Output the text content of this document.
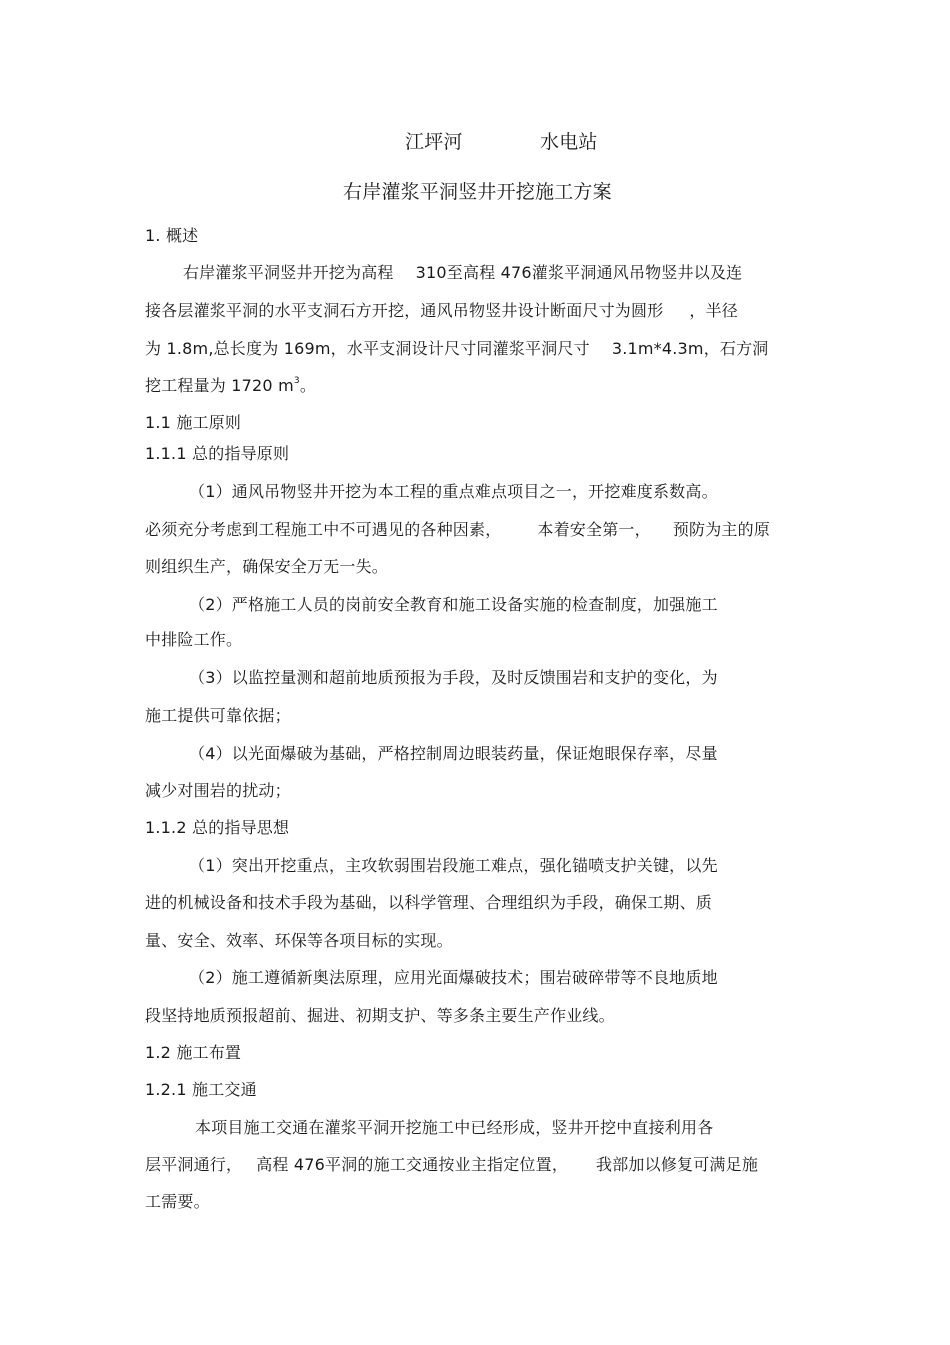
江坪河	水电站
右岸灌浆平洞竖井开挖施工方案
1. 概述
右岸灌浆平洞竖井开挖为高程 310至高程 476灌浆平洞通风吊物竖井以及连
接各层灌浆平洞的水平支洞石方开挖，通风吊物竖井设计断面尺寸为圆形 ，半径
为 1.8m,总长度为 169m，水平支洞设计尺寸同灌浆平洞尺寸 3.1m*4.3m，石方洞
挖工程量为 1720 $m^3$。
1.1 施工原则
1.1.1 总的指导原则
（1）通风吊物竖井开挖为本工程的重点难点项目之一，开挖难度系数高。
必须充分考虑到工程施工中不可遇见的各种因素， 本着安全第一， 预防为主的原
则组织生产，确保安全万无一失。
（2）严格施工人员的岗前安全教育和施工设备实施的检查制度，加强施工
中排险工作。
（3）以监控量测和超前地质预报为手段，及时反馈围岩和支护的变化，为
施工提供可靠依据；
（4）以光面爆破为基础，严格控制周边眼装药量，保证炮眼保存率，尽量
减少对围岩的扰动；
1.1.2 总的指导思想
（1）突出开挖重点，主攻软弱围岩段施工难点，强化锚喷支护关键，以先
进的机械设备和技术手段为基础，以科学管理、合理组织为手段，确保工期、质
量、安全、效率、环保等各项目标的实现。
（2）施工遵循新奥法原理，应用光面爆破技术；围岩破碎带等不良地质地
段坚持地质预报超前、掘进、初期支护、等多条主要生产作业线。
1.2 施工布置
1.2.1 施工交通
本项目施工交通在灌浆平洞开挖施工中已经形成，竖井开挖中直接利用各
层平洞通行， 高程 476平洞的施工交通按业主指定位置， 我部加以修复可满足施
工需要。
